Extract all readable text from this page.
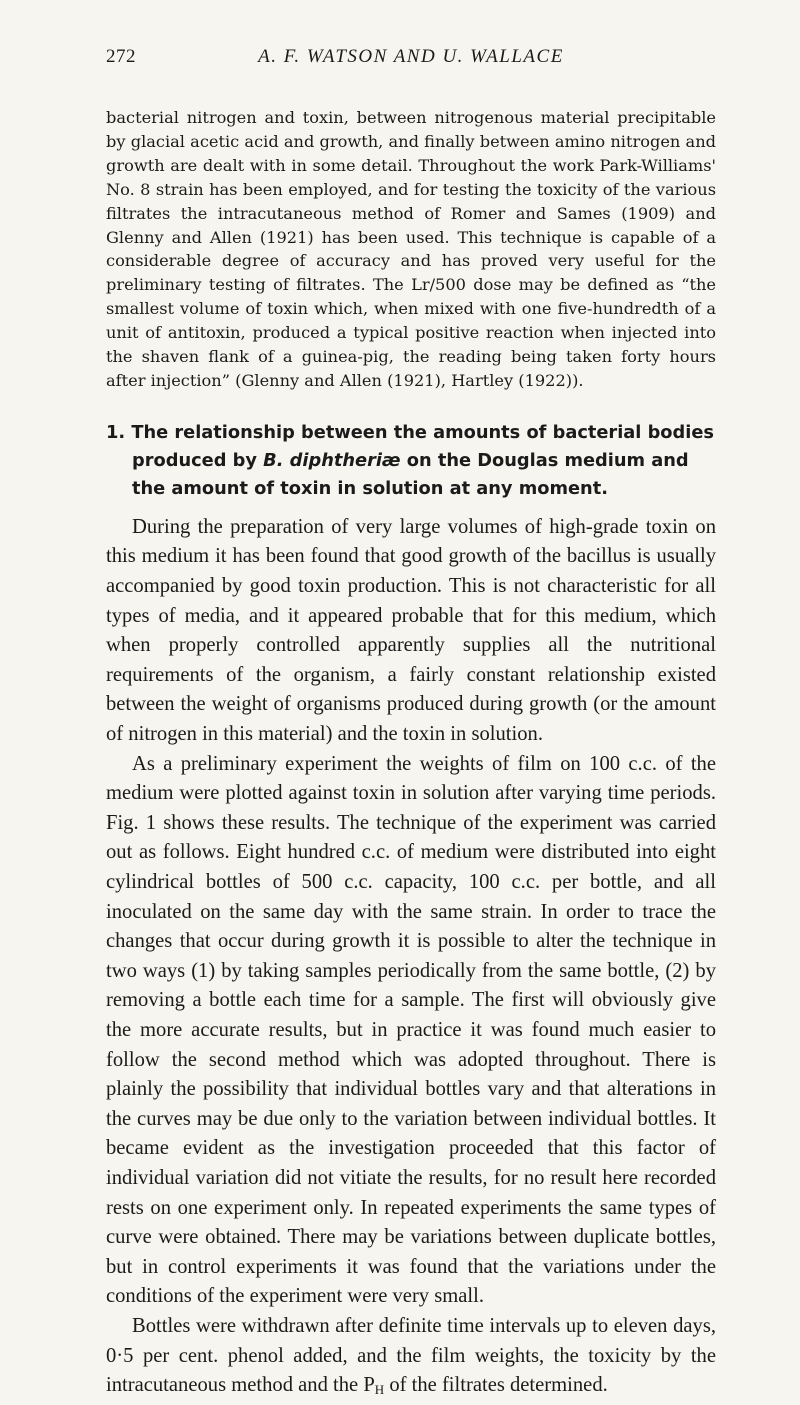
272	A. F. WATSON AND U. WALLACE

bacterial nitrogen and toxin, between nitrogenous material precipitable by glacial acetic acid and growth, and finally between amino nitrogen and growth are dealt with in some detail. Throughout the work Park-Williams' No. 8 strain has been employed, and for testing the toxicity of the various filtrates the intracutaneous method of Romer and Sames (1909) and Glenny and Allen (1921) has been used. This technique is capable of a considerable degree of accuracy and has proved very useful for the preliminary testing of filtrates. The Lr/500 dose may be defined as “the smallest volume of toxin which, when mixed with one five-hundredth of a unit of antitoxin, produced a typical positive reaction when injected into the shaven flank of a guinea-pig, the reading being taken forty hours after injection” (Glenny and Allen (1921), Hartley (1922)).

1. The relationship between the amounts of bacterial bodies produced by B. diphtheriæ on the Douglas medium and the amount of toxin in solution at any moment.

During the preparation of very large volumes of high-grade toxin on this medium it has been found that good growth of the bacillus is usually accompanied by good toxin production. This is not characteristic for all types of media, and it appeared probable that for this medium, which when properly controlled apparently supplies all the nutritional requirements of the organism, a fairly constant relationship existed between the weight of organisms produced during growth (or the amount of nitrogen in this material) and the toxin in solution.

As a preliminary experiment the weights of film on 100 c.c. of the medium were plotted against toxin in solution after varying time periods. Fig. 1 shows these results. The technique of the experiment was carried out as follows. Eight hundred c.c. of medium were distributed into eight cylindrical bottles of 500 c.c. capacity, 100 c.c. per bottle, and all inoculated on the same day with the same strain. In order to trace the changes that occur during growth it is possible to alter the technique in two ways (1) by taking samples periodically from the same bottle, (2) by removing a bottle each time for a sample. The first will obviously give the more accurate results, but in practice it was found much easier to follow the second method which was adopted throughout. There is plainly the possibility that individual bottles vary and that alterations in the curves may be due only to the variation between individual bottles. It became evident as the investigation proceeded that this factor of individual variation did not vitiate the results, for no result here recorded rests on one experiment only. In repeated experiments the same types of curve were obtained. There may be variations between duplicate bottles, but in control experiments it was found that the variations under the conditions of the experiment were very small.

Bottles were withdrawn after definite time intervals up to eleven days, 0·5 per cent. phenol added, and the film weights, the toxicity by the intracutaneous method and the $P_H$ of the filtrates determined.
